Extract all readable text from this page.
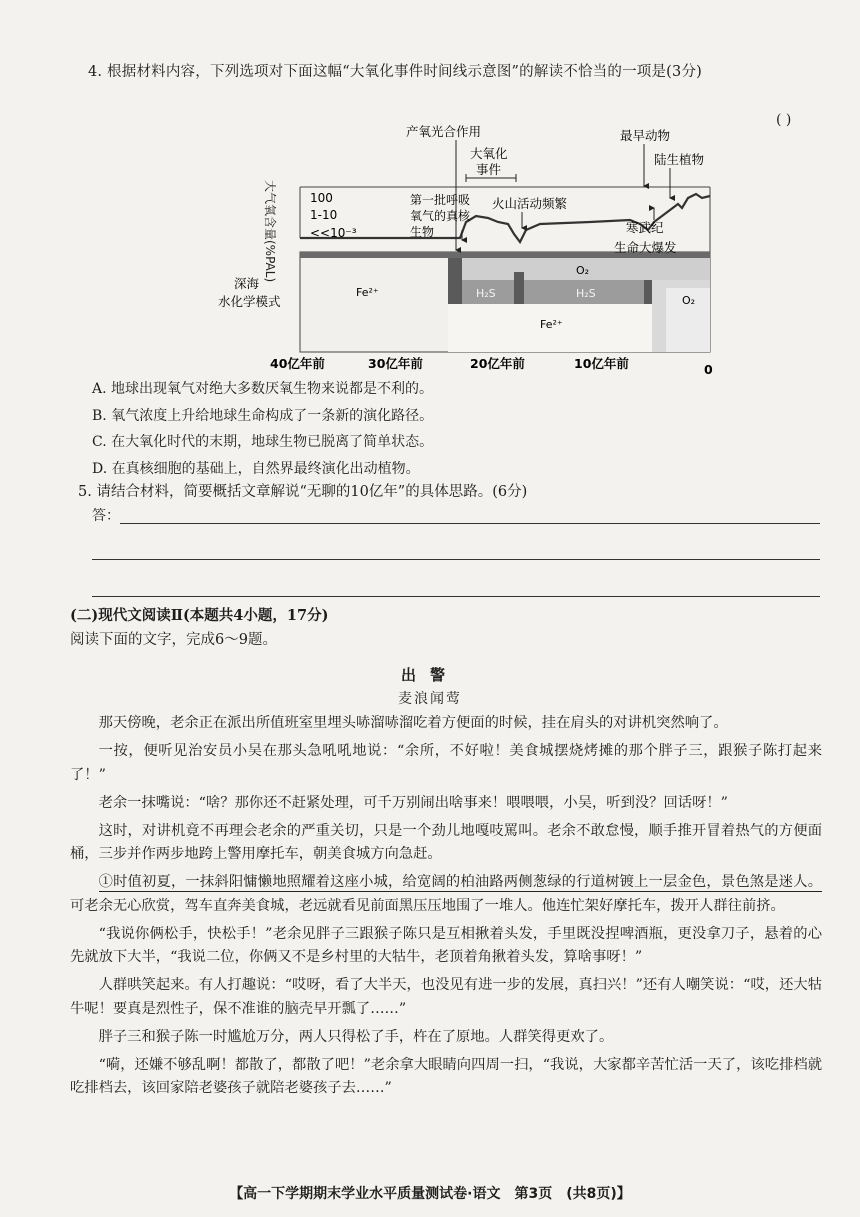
4. 根据材料内容，下列选项对下面这幅“大氧化事件时间线示意图”的解读不恰当的一项是(3分)
( )
大气氧含量(%PAL)	100
1-10
<<10⁻³
深海
水化学模式
Fe²⁺
Fe²⁺
H₂S	H₂S
O₂
O₂
产氧光合作用
大氧化
事件
第一批呼吸
氧气的真核
生物
火山活动频繁
最早动物
陆生植物
寒武纪
生命大爆发
40亿年前	30亿年前	20亿年前	10亿年前	0
A. 地球出现氧气对绝大多数厌氧生物来说都是不利的。
B. 氧气浓度上升给地球生命构成了一条新的演化路径。
C. 在大氧化时代的末期，地球生物已脱离了简单状态。
D. 在真核细胞的基础上，自然界最终演化出动植物。
5. 请结合材料，简要概括文章解说“无聊的10亿年”的具体思路。(6分)
答：
(二)现代文阅读Ⅱ(本题共4小题，17分)
阅读下面的文字，完成6～9题。
出警
麦浪闻莺

那天傍晚，老余正在派出所值班室里埋头哧溜哧溜吃着方便面的时候，挂在肩头的对讲机突然响了。

一按，便听见治安员小吴在那头急吼吼地说：“余所，不好啦！美食城摆烧烤摊的那个胖子三，跟猴子陈打起来了！”

老余一抹嘴说：“啥？那你还不赶紧处理，可千万别闹出啥事来！喂喂喂，小吴，听到没？回话呀！”

这时，对讲机竟不再理会老余的严重关切，只是一个劲儿地嘎吱罵叫。老余不敢怠慢，顺手推开冒着热气的方便面桶，三步并作两步地跨上警用摩托车，朝美食城方向急赶。

①时值初夏，一抹斜阳慵懒地照耀着这座小城，给宽阔的柏油路两侧葱绿的行道树镀上一层金色，景色煞是迷人。可老余无心欣赏，驾车直奔美食城，老远就看见前面黑压压地围了一堆人。他连忙架好摩托车，拨开人群往前挤。

“我说你俩松手，快松手！”老余见胖子三跟猴子陈只是互相揪着头发，手里既没捏啤酒瓶，更没拿刀子，悬着的心先就放下大半，“我说二位，你俩又不是乡村里的大牯牛，老顶着角揪着头发，算啥事呀！”

人群哄笑起来。有人打趣说：“哎呀，看了大半天，也没见有进一步的发展，真扫兴！”还有人嘲笑说：“哎，还大牯牛呢！要真是烈性子，保不准谁的脑壳早开瓢了……”

胖子三和猴子陈一时尴尬万分，两人只得松了手，杵在了原地。人群笑得更欢了。

“嗬，还嫌不够乱啊！都散了，都散了吧！”老余拿大眼睛向四周一扫，“我说，大家都辛苦忙活一天了，该吃排档就吃排档去，该回家陪老婆孩子就陪老婆孩子去……”

【高一下学期期末学业水平质量测试卷·语文　第3页　(共8页)】
